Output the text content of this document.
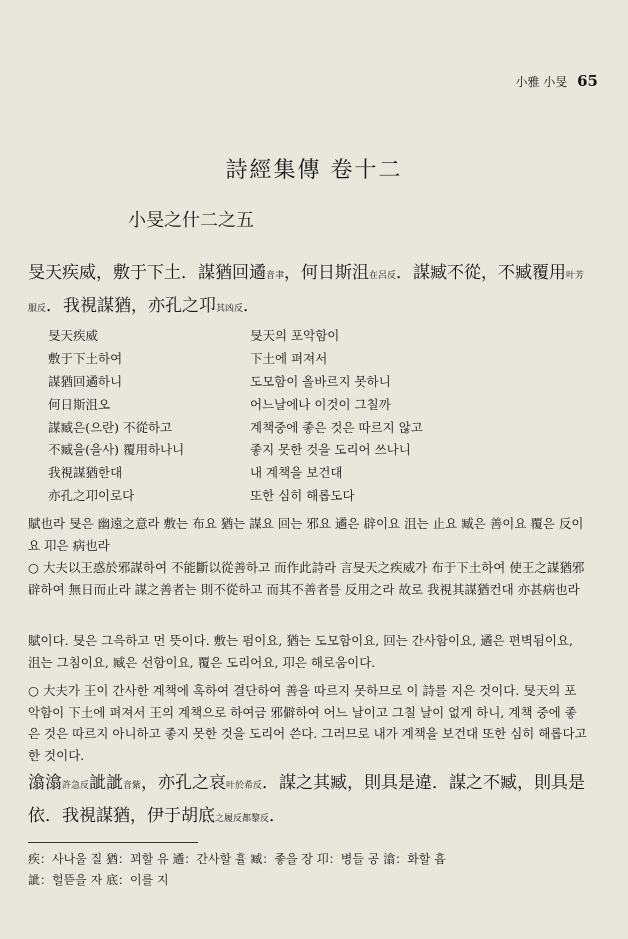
小雅 小旻 65
詩經集傳 卷十二
小旻之什二之五
旻天疾威，敷于下土．謀猶回遹音聿，何日斯沮在呂反．謀臧不從，不臧覆用叶芳服反．我視謀猶，亦孔之卭其凶反．
旻天疾威	旻天의 포악함이
敷于下土하여	下土에 펴져서
謀猶回遹하니	도모함이 올바르지 못하니
何日斯沮오	어느날에나 이것이 그칠까
謀臧은(으란) 不從하고	계책중에 좋은 것은 따르지 않고
不臧을(을사) 覆用하나니	좋지 못한 것을 도리어 쓰나니
我視謀猶한대	내 계책을 보건대
亦孔之卭이로다	또한 심히 해롭도다
賦也라 旻은 幽遠之意라 敷는 布요 猶는 謀요 回는 邪요 遹은 辟이요 沮는 止요 臧은 善이요 覆은 反이요 卭은 病也라
○ 大夫以王惑於邪謀하여 不能斷以從善하고 而作此詩라 言旻天之疾威가 布于下土하여 使王之謀猶邪辟하여 無日而止라 謀之善者는 則不從하고 而其不善者를 反用之라 故로 我視其謀猶컨대 亦甚病也라
賦이다. 旻은 그윽하고 먼 뜻이다. 敷는 펌이요, 猶는 도모함이요, 回는 간사함이요, 遹은 편벽됨이요, 沮는 그침이요, 臧은 선함이요, 覆은 도리어요, 卭은 해로움이다.
○ 大夫가 王이 간사한 계책에 혹하여 결단하여 善을 따르지 못하므로 이 詩를 지은 것이다. 旻天의 포악함이 下土에 펴져서 王의 계책으로 하여금 邪僻하여 어느 날이고 그칠 날이 없게 하니, 계책 중에 좋은 것은 따르지 아니하고 좋지 못한 것을 도리어 쓴다. 그러므로 내가 계책을 보건대 또한 심히 해롭다고 한 것이다.
潝潝許急反訿訿音紫，亦孔之哀叶於希反．謀之其臧，則具是違．謀之不臧，則具是依．我視謀猶，伊于胡底之履反都黎反．
疾：사나울 질 猶：꾀할 유 遹：간사할 휼 臧：좋을 장 卭：병들 공 潝：화할 흡
訿：헐뜯을 자 底：이를 지
